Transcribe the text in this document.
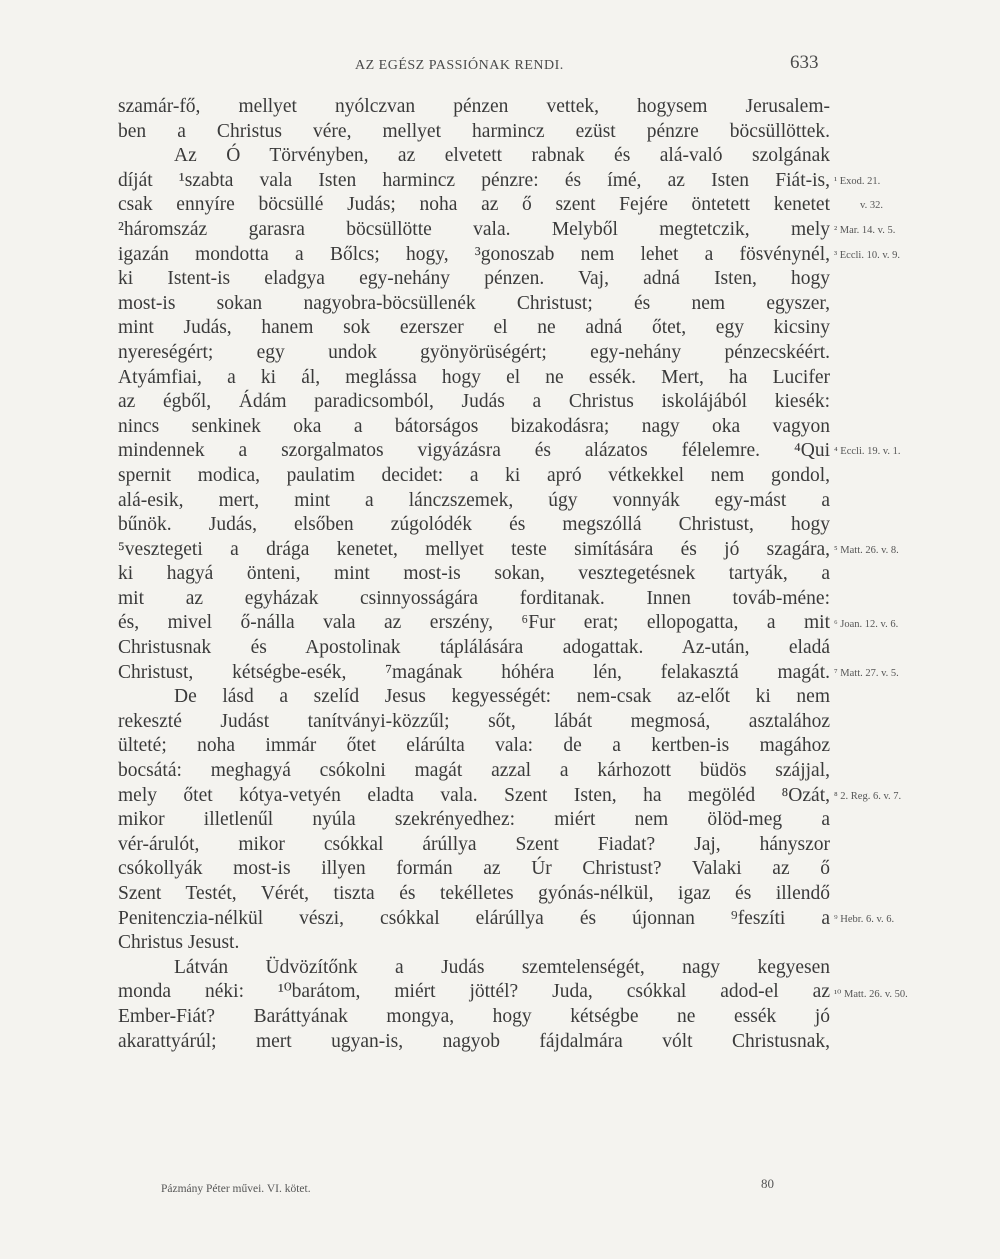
AZ EGÉSZ PASSIÓNAK RENDI.	633
szamár-fő, mellyet nyólczvan pénzen vettek, hogysem Jerusalem-
ben a Christus vére, mellyet harmincz ezüst pénzre böcsüllöttek.
Az Ó Törvényben, az elvetett rabnak és alá-való szolgának
díját ¹szabta vala Isten harmincz pénzre: és ímé, az Isten Fiát-is,
csak ennyíre böcsüllé Judás; noha az ő szent Fejére öntetett kenetet
²háromszáz garasra böcsüllötte vala. Melyből megtetczik, mely
igazán mondotta a Bőlcs; hogy, ³gonoszab nem lehet a fösvénynél,
ki Istent-is eladgya egy-nehány pénzen. Vaj, adná Isten, hogy
most-is sokan nagyobra-böcsüllenék Christust; és nem egyszer,
mint Judás, hanem sok ezerszer el ne adná őtet, egy kicsiny
nyereségért; egy undok gyönyörüségért; egy-nehány pénzecskéért.
Atyámfiai, a ki ál, meglássa hogy el ne essék. Mert, ha Lucifer
az égből, Ádám paradicsomból, Judás a Christus iskolájából kiesék:
nincs senkinek oka a bátorságos bizakodásra; nagy oka vagyon
mindennek a szorgalmatos vigyázásra és alázatos félelemre. ⁴Qui
spernit modica, paulatim decidet: a ki apró vétkekkel nem gondol,
alá-esik, mert, mint a lánczszemek, úgy vonnyák egy-mást a
bűnök. Judás, elsőben zúgolódék és megszóllá Christust, hogy
⁵vesztegeti a drága kenetet, mellyet teste simítására és jó szagára,
ki hagyá önteni, mint most-is sokan, vesztegetésnek tartyák, a
mit az egyházak csinnyosságára forditanak. Innen továb-méne:
és, mivel ő-nálla vala az erszény, ⁶Fur erat; ellopogatta, a mit
Christusnak és Apostolinak táplálására adogattak. Az-után, eladá
Christust, kétségbe-esék, ⁷magának hóhéra lén, felakasztá magát.
De lásd a szelíd Jesus kegyességét: nem-csak az-előt ki nem
rekeszté Judást tanítványi-közzűl; sőt, lábát megmosá, asztalához
ülteté; noha immár őtet elárúlta vala: de a kertben-is magához
bocsátá: meghagyá csókolni magát azzal a kárhozott büdös szájjal,
mely őtet kótya-vetyén eladta vala. Szent Isten, ha megöléd ⁸Ozát,
mikor illetlenűl nyúla szekrényedhez: miért nem ölöd-meg a
vér-árulót, mikor csókkal árúllya Szent Fiadat? Jaj, hányszor
csókollyák most-is illyen formán az Úr Christust? Valaki az ő
Szent Testét, Vérét, tiszta és tekélletes gyónás-nélkül, igaz és illendő
Penitenczia-nélkül vészi, csókkal elárúllya és újonnan ⁹feszíti a
Christus Jesust.
Látván Üdvözítőnk a Judás szemtelenségét, nagy kegyesen
monda néki: ¹⁰barátom, miért jöttél? Juda, csókkal adod-el az
Ember-Fiát? Baráttyának mongya, hogy kétségbe ne essék jó
akarattyárúl; mert ugyan-is, nagyob fájdalmára vólt Christusnak,
¹ Exod. 21.
v. 32.
² Mar. 14. v. 5.
³ Eccli. 10. v. 9.
⁴ Eccli. 19. v. 1.
⁵ Matt. 26. v. 8.
⁶ Joan. 12. v. 6.
⁷ Matt. 27. v. 5.
⁸ 2. Reg. 6. v. 7.
⁹ Hebr. 6. v. 6.
¹⁰ Matt. 26. v. 50.
Pázmány Péter művei. VI. kötet.	80
